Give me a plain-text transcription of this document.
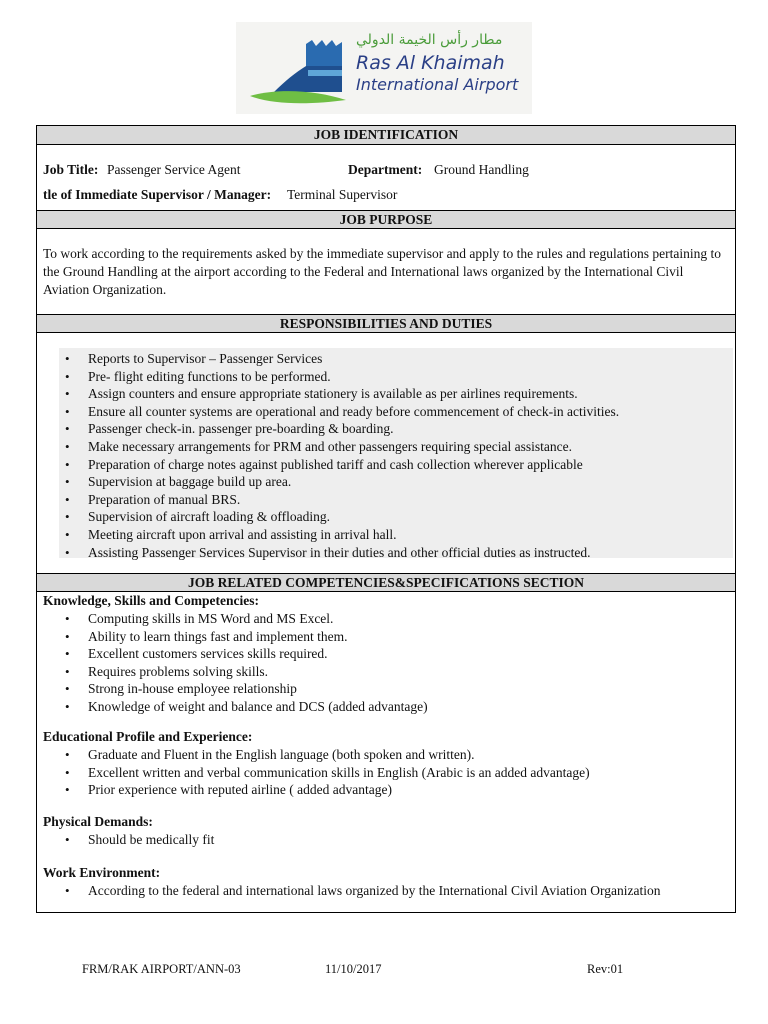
مطار رأس الخيمة الدولي
Ras Al Khaimah
International Airport
JOB IDENTIFICATION
Job Title: Passenger Service Agent	Department: Ground Handling
tle of Immediate Supervisor / Manager: Terminal Supervisor
JOB PURPOSE
To work according to the requirements asked by the immediate supervisor and apply to the rules and regulations pertaining to the Ground Handling at the airport according to the Federal and International laws organized by the International Civil Aviation Organization.
RESPONSIBILITIES AND DUTIES
• Reports to Supervisor – Passenger Services
• Pre- flight editing functions to be performed.
• Assign counters and ensure appropriate stationery is available as per airlines requirements.
• Ensure all counter systems are operational and ready before commencement of check-in activities.
• Passenger check-in. passenger pre-boarding & boarding.
• Make necessary arrangements for PRM and other passengers requiring special assistance.
• Preparation of charge notes against published tariff and cash collection wherever applicable
• Supervision at baggage build up area.
• Preparation of manual BRS.
• Supervision of aircraft loading & offloading.
• Meeting aircraft upon arrival and assisting in arrival hall.
• Assisting Passenger Services Supervisor in their duties and other official duties as instructed.
JOB RELATED COMPETENCIES&SPECIFICATIONS SECTION
Knowledge, Skills and Competencies:
• Computing skills in MS Word and MS Excel.
• Ability to learn things fast and implement them.
• Excellent customers services skills required.
• Requires problems solving skills.
• Strong in-house employee relationship
• Knowledge of weight and balance and DCS (added advantage)
Educational Profile and Experience:
• Graduate and Fluent in the English language (both spoken and written).
• Excellent written and verbal communication skills in English (Arabic is an added advantage)
• Prior experience with reputed airline ( added advantage)
Physical Demands:
• Should be medically fit
Work Environment:
• According to the federal and international laws organized by the International Civil Aviation Organization
FRM/RAK AIRPORT/ANN-03	11/10/2017	Rev:01
